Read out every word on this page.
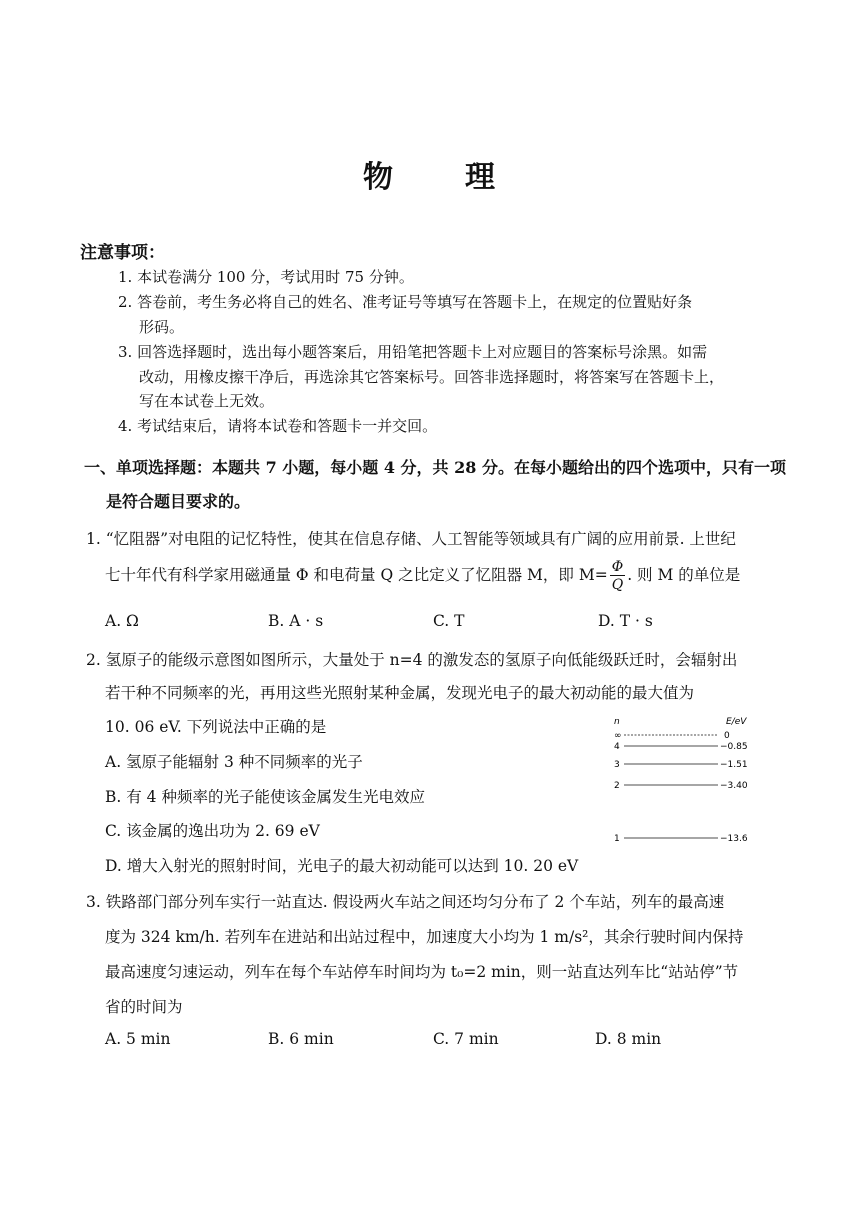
物 理
注意事项：
1. 本试卷满分 100 分，考试用时 75 分钟。
2. 答卷前，考生务必将自己的姓名、准考证号等填写在答题卡上，在规定的位置贴好条
形码。
3. 回答选择题时，选出每小题答案后，用铅笔把答题卡上对应题目的答案标号涂黑。如需
改动，用橡皮擦干净后，再选涂其它答案标号。回答非选择题时，将答案写在答题卡上，
写在本试卷上无效。
4. 考试结束后，请将本试卷和答题卡一并交回。
一、单项选择题：本题共 7 小题，每小题 4 分，共 28 分。在每小题给出的四个选项中，只有一项
是符合题目要求的。
1. “忆阻器”对电阻的记忆特性，使其在信息存储、人工智能等领域具有广阔的应用前景. 上世纪
七十年代有科学家用磁通量 Φ 和电荷量 Q 之比定义了忆阻器 M，即 $M= \frac{\Phi}{Q}$ . 则 M 的单位是
A. Ω	B. A · s	C. T	D. T · s
2. 氢原子的能级示意图如图所示，大量处于 n=4 的激发态的氢原子向低能级跃迁时，会辐射出
若干种不同频率的光，再用这些光照射某种金属，发现光电子的最大初动能的最大值为
10. 06 eV. 下列说法中正确的是
A. 氢原子能辐射 3 种不同频率的光子
B. 有 4 种频率的光子能使该金属发生光电效应
C. 该金属的逸出功为 2. 69 eV
D. 增大入射光的照射时间，光电子的最大初动能可以达到 10. 20 eV
n	E/eV
∞	0
4	−0.85
3	−1.51
2	−3.40
1	−13.6
3. 铁路部门部分列车实行一站直达. 假设两火车站之间还均匀分布了 2 个车站，列车的最高速
度为 324 km/h. 若列车在进站和出站过程中，加速度大小均为 1 m/s²，其余行驶时间内保持
最高速度匀速运动，列车在每个车站停车时间均为 t₀=2 min，则一站直达列车比“站站停”节
省的时间为
A. 5 min	B. 6 min	C. 7 min	D. 8 min
